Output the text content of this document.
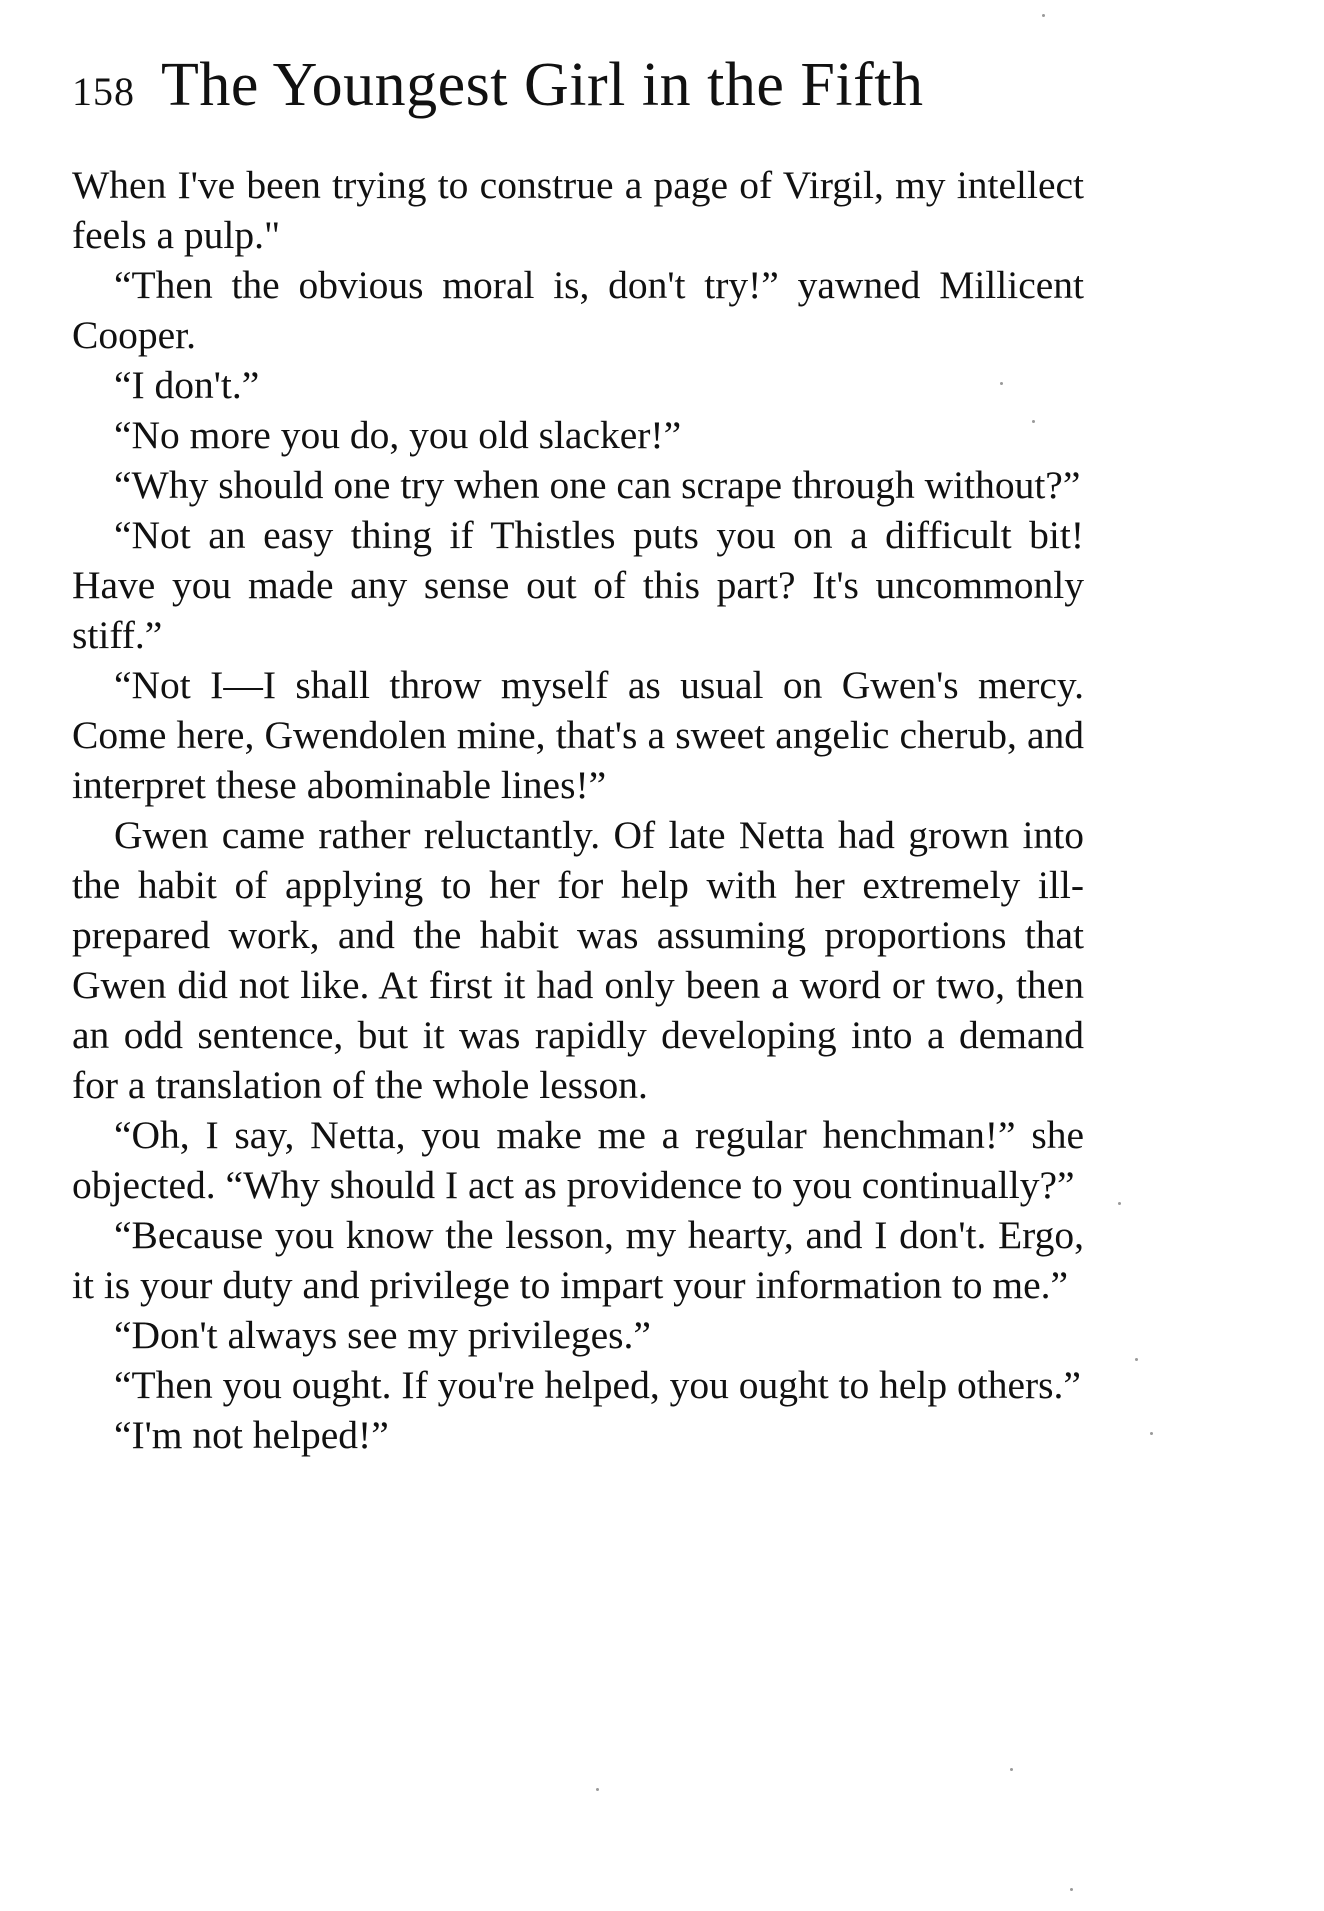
158 The Youngest Girl in the Fifth

When I've been trying to construe a page of Virgil, my intellect feels a pulp."

“Then the obvious moral is, don't try!” yawned Millicent Cooper.

“I don't.”

“No more you do, you old slacker!”

“Why should one try when one can scrape through without?”

“Not an easy thing if Thistles puts you on a difficult bit! Have you made any sense out of this part? It's uncommonly stiff.”

“Not I—I shall throw myself as usual on Gwen's mercy. Come here, Gwendolen mine, that's a sweet angelic cherub, and interpret these abominable lines!”

Gwen came rather reluctantly. Of late Netta had grown into the habit of applying to her for help with her extremely ill-prepared work, and the habit was assuming proportions that Gwen did not like. At first it had only been a word or two, then an odd sentence, but it was rapidly developing into a demand for a translation of the whole lesson.

“Oh, I say, Netta, you make me a regular henchman!” she objected. “Why should I act as providence to you continually?”

“Because you know the lesson, my hearty, and I don't. Ergo, it is your duty and privilege to impart your information to me.”

“Don't always see my privileges.”

“Then you ought. If you're helped, you ought to help others.”

“I'm not helped!”
